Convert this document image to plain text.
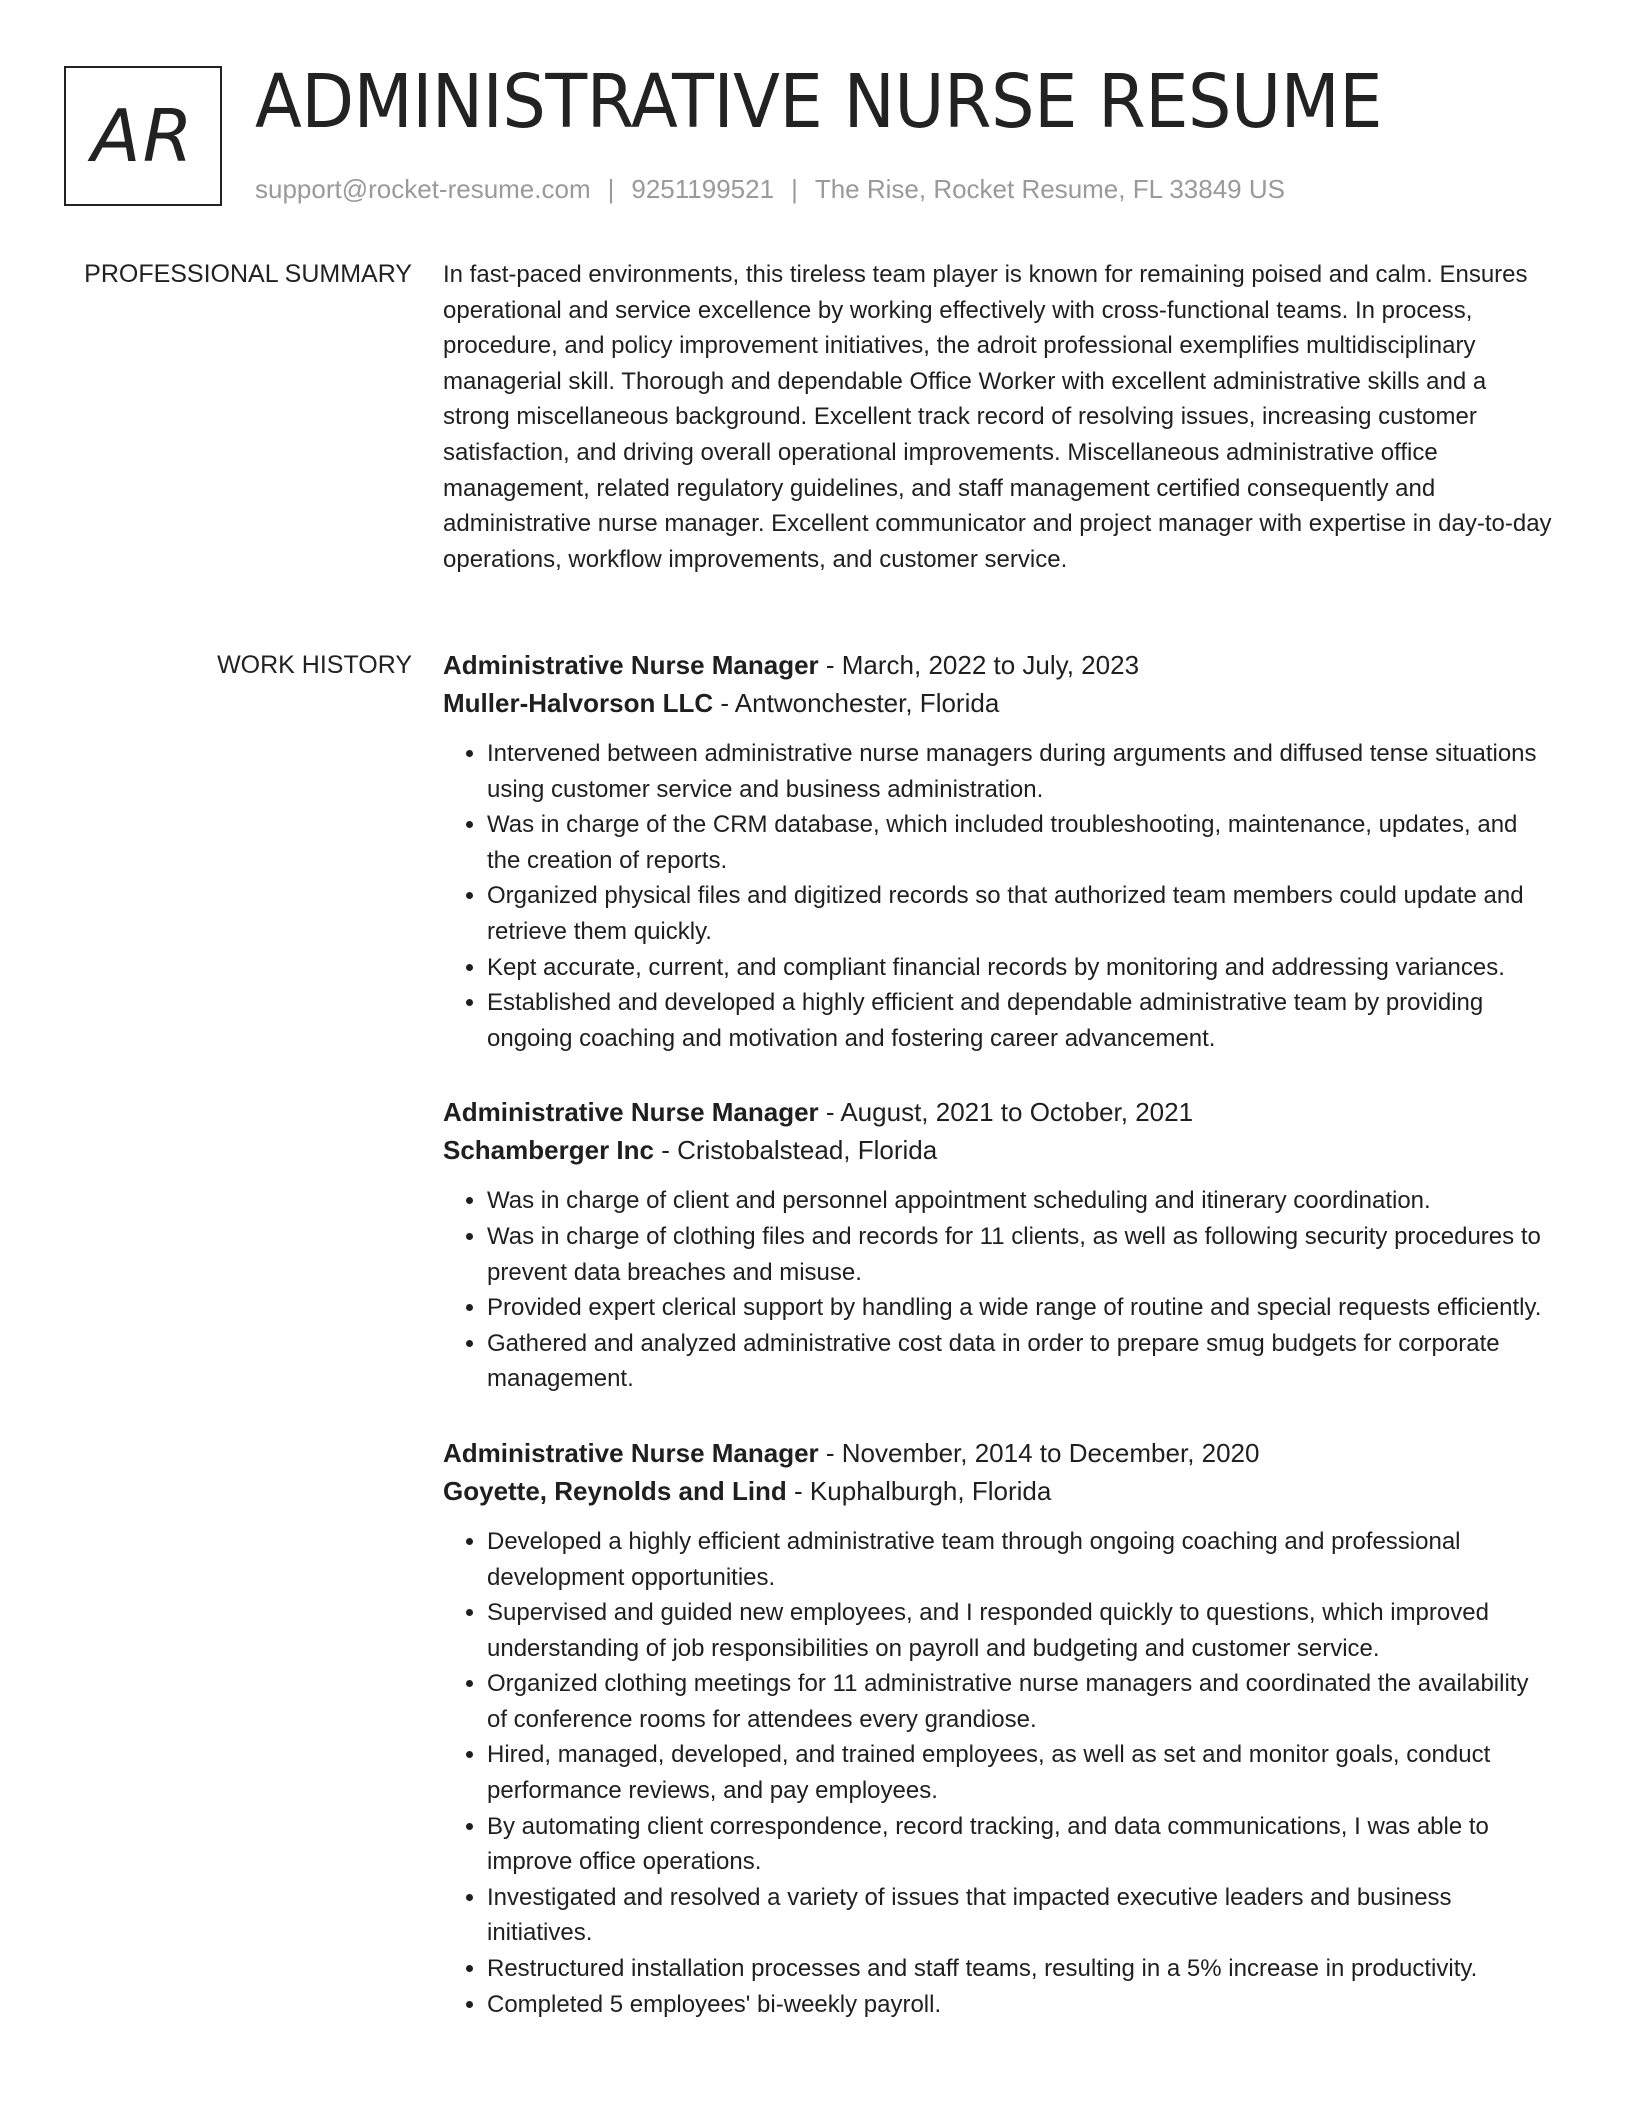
AR ADMINISTRATIVE NURSE RESUME
support@rocket-resume.com | 9251199521 | The Rise, Rocket Resume, FL 33849 US
PROFESSIONAL SUMMARY In fast-paced environments, this tireless team player is known for remaining poised and calm. Ensures operational and service excellence by working effectively with cross-functional teams. In process, procedure, and policy improvement initiatives, the adroit professional exemplifies multidisciplinary managerial skill. Thorough and dependable Office Worker with excellent administrative skills and a strong miscellaneous background. Excellent track record of resolving issues, increasing customer satisfaction, and driving overall operational improvements. Miscellaneous administrative office management, related regulatory guidelines, and staff management certified consequently and administrative nurse manager. Excellent communicator and project manager with expertise in day-to-day operations, workflow improvements, and customer service.

WORK HISTORY Administrative Nurse Manager - March, 2022 to July, 2023
Muller-Halvorson LLC - Antwonchester, Florida
• Intervened between administrative nurse managers during arguments and diffused tense situations using customer service and business administration.
• Was in charge of the CRM database, which included troubleshooting, maintenance, updates, and the creation of reports.
• Organized physical files and digitized records so that authorized team members could update and retrieve them quickly.
• Kept accurate, current, and compliant financial records by monitoring and addressing variances.
• Established and developed a highly efficient and dependable administrative team by providing ongoing coaching and motivation and fostering career advancement.
Administrative Nurse Manager - August, 2021 to October, 2021
Schamberger Inc - Cristobalstead, Florida
• Was in charge of client and personnel appointment scheduling and itinerary coordination.
• Was in charge of clothing files and records for 11 clients, as well as following security procedures to prevent data breaches and misuse.
• Provided expert clerical support by handling a wide range of routine and special requests efficiently.
• Gathered and analyzed administrative cost data in order to prepare smug budgets for corporate management.
Administrative Nurse Manager - November, 2014 to December, 2020
Goyette, Reynolds and Lind - Kuphalburgh, Florida
• Developed a highly efficient administrative team through ongoing coaching and professional development opportunities.
• Supervised and guided new employees, and I responded quickly to questions, which improved understanding of job responsibilities on payroll and budgeting and customer service.
• Organized clothing meetings for 11 administrative nurse managers and coordinated the availability of conference rooms for attendees every grandiose.
• Hired, managed, developed, and trained employees, as well as set and monitor goals, conduct performance reviews, and pay employees.
• By automating client correspondence, record tracking, and data communications, I was able to improve office operations.
• Investigated and resolved a variety of issues that impacted executive leaders and business initiatives.
• Restructured installation processes and staff teams, resulting in a 5% increase in productivity.
• Completed 5 employees' bi-weekly payroll.
